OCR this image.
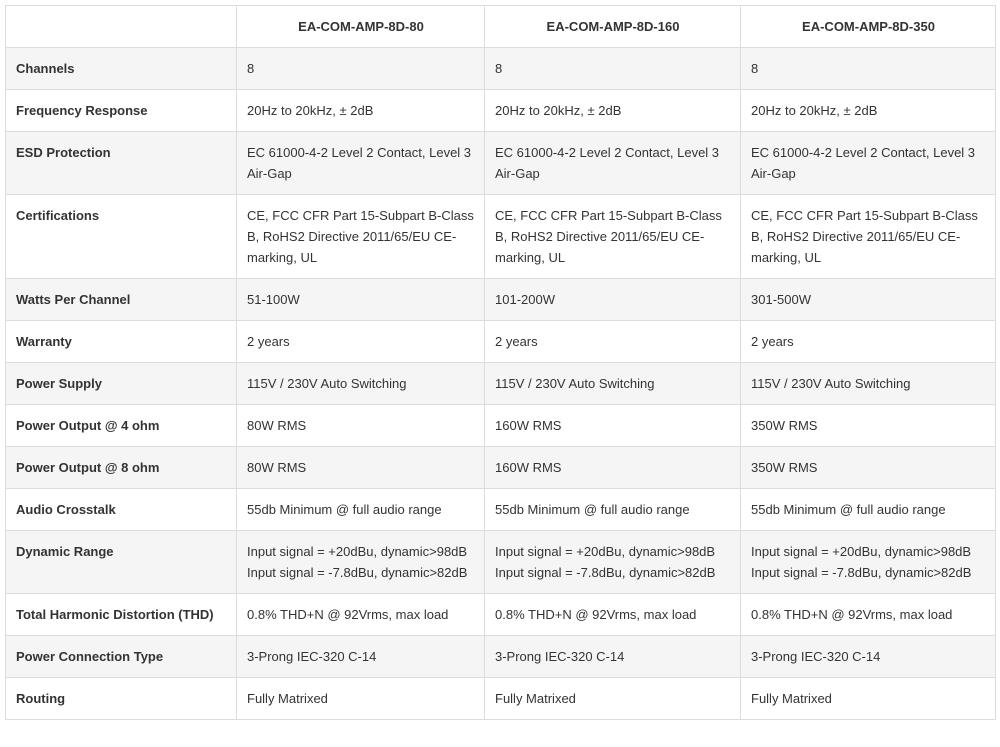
	EA-COM-AMP-8D-80	EA-COM-AMP-8D-160	EA-COM-AMP-8D-350
Channels	8	8	8
Frequency Response	20Hz to 20kHz, ± 2dB	20Hz to 20kHz, ± 2dB	20Hz to 20kHz, ± 2dB
ESD Protection	EC 61000-4-2 Level 2 Contact, Level 3 Air-Gap	EC 61000-4-2 Level 2 Contact, Level 3 Air-Gap	EC 61000-4-2 Level 2 Contact, Level 3 Air-Gap
Certifications	CE, FCC CFR Part 15-Subpart B-Class B, RoHS2 Directive 2011/65/EU CE-marking, UL	CE, FCC CFR Part 15-Subpart B-Class B, RoHS2 Directive 2011/65/EU CE-marking, UL	CE, FCC CFR Part 15-Subpart B-Class B, RoHS2 Directive 2011/65/EU CE-marking, UL
Watts Per Channel	51-100W	101-200W	301-500W
Warranty	2 years	2 years	2 years
Power Supply	115V / 230V Auto Switching	115V / 230V Auto Switching	115V / 230V Auto Switching
Power Output @ 4 ohm	80W RMS	160W RMS	350W RMS
Power Output @ 8 ohm	80W RMS	160W RMS	350W RMS
Audio Crosstalk	55db Minimum @ full audio range	55db Minimum @ full audio range	55db Minimum @ full audio range
Dynamic Range	Input signal = +20dBu, dynamic>98dB Input signal = -7.8dBu, dynamic>82dB	Input signal = +20dBu, dynamic>98dB Input signal = -7.8dBu, dynamic>82dB	Input signal = +20dBu, dynamic>98dB Input signal = -7.8dBu, dynamic>82dB
Total Harmonic Distortion (THD)	0.8% THD+N @ 92Vrms, max load	0.8% THD+N @ 92Vrms, max load	0.8% THD+N @ 92Vrms, max load
Power Connection Type	3-Prong IEC-320 C-14	3-Prong IEC-320 C-14	3-Prong IEC-320 C-14
Routing	Fully Matrixed	Fully Matrixed	Fully Matrixed
